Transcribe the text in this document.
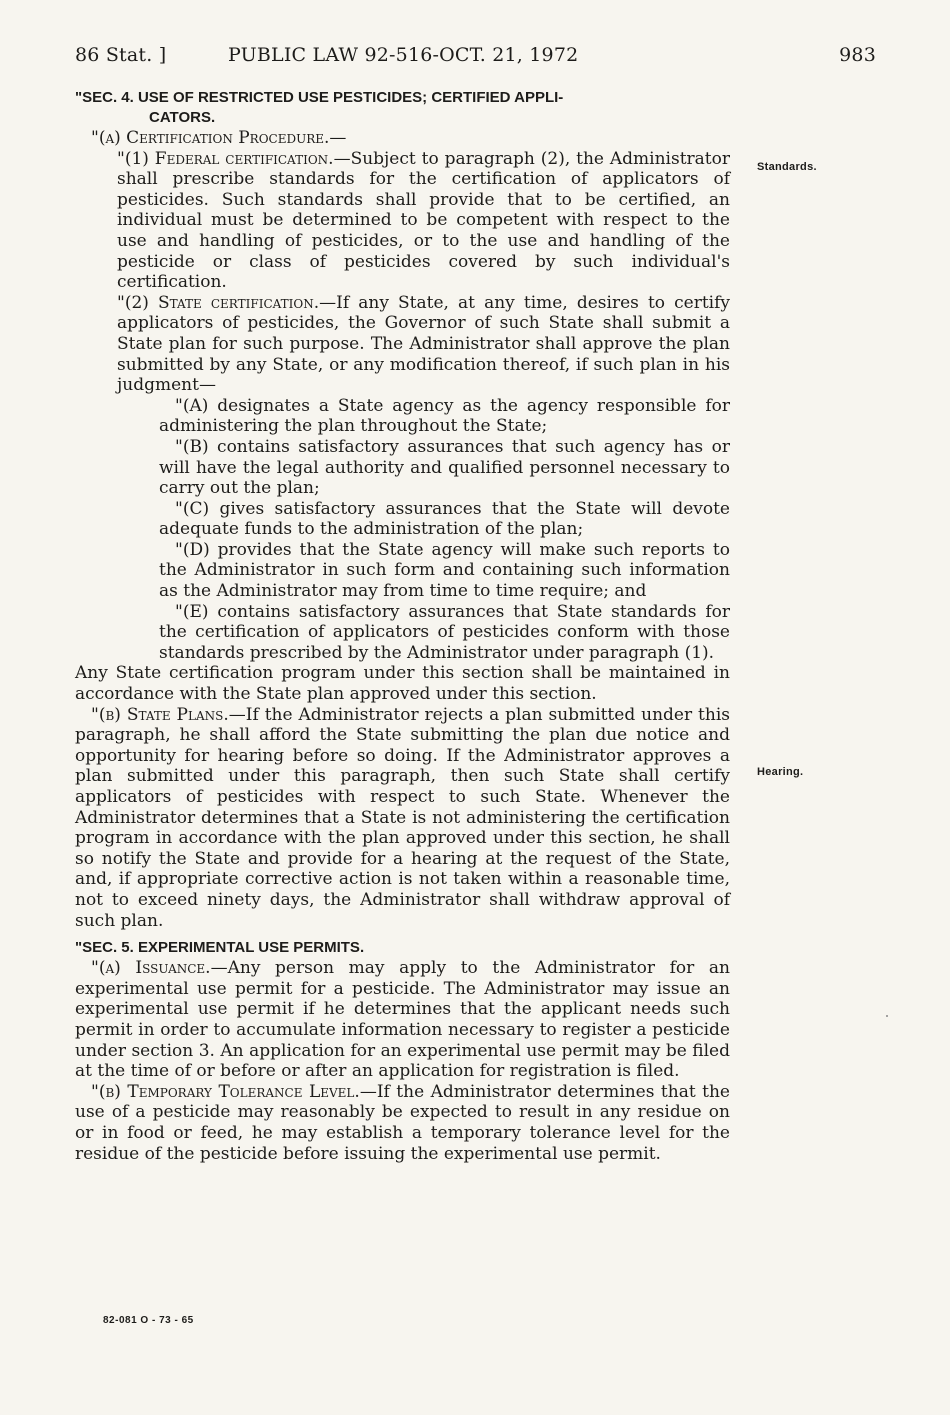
86 Stat. ]	PUBLIC LAW 92-516-OCT. 21, 1972	983
Standards.
Hearing.
"SEC. 4. USE OF RESTRICTED USE PESTICIDES; CERTIFIED APPLI-
CATORS.

"(a) Certification Procedure.—

"(1) Federal certification.—Subject to paragraph (2), the Administrator shall prescribe standards for the certification of applicators of pesticides. Such standards shall provide that to be certified, an individual must be determined to be competent with respect to the use and handling of pesticides, or to the use and handling of the pesticide or class of pesticides covered by such individual's certification.

"(2) State certification.—If any State, at any time, desires to certify applicators of pesticides, the Governor of such State shall submit a State plan for such purpose. The Administrator shall approve the plan submitted by any State, or any modification thereof, if such plan in his judgment—

"(A) designates a State agency as the agency responsible for administering the plan throughout the State;

"(B) contains satisfactory assurances that such agency has or will have the legal authority and qualified personnel necessary to carry out the plan;

"(C) gives satisfactory assurances that the State will devote adequate funds to the administration of the plan;

"(D) provides that the State agency will make such reports to the Administrator in such form and containing such information as the Administrator may from time to time require; and

"(E) contains satisfactory assurances that State standards for the certification of applicators of pesticides conform with those standards prescribed by the Administrator under paragraph (1).

Any State certification program under this section shall be maintained in accordance with the State plan approved under this section.

"(b) State Plans.—If the Administrator rejects a plan submitted under this paragraph, he shall afford the State submitting the plan due notice and opportunity for hearing before so doing. If the Administrator approves a plan submitted under this paragraph, then such State shall certify applicators of pesticides with respect to such State. Whenever the Administrator determines that a State is not administering the certification program in accordance with the plan approved under this section, he shall so notify the State and provide for a hearing at the request of the State, and, if appropriate corrective action is not taken within a reasonable time, not to exceed ninety days, the Administrator shall withdraw approval of such plan.

"SEC. 5. EXPERIMENTAL USE PERMITS.

"(a) Issuance.—Any person may apply to the Administrator for an experimental use permit for a pesticide. The Administrator may issue an experimental use permit if he determines that the applicant needs such permit in order to accumulate information necessary to register a pesticide under section 3. An application for an experimental use permit may be filed at the time of or before or after an application for registration is filed.

"(b) Temporary Tolerance Level.—If the Administrator determines that the use of a pesticide may reasonably be expected to result in any residue on or in food or feed, he may establish a temporary tolerance level for the residue of the pesticide before issuing the experimental use permit.

82-081 O - 73 - 65
